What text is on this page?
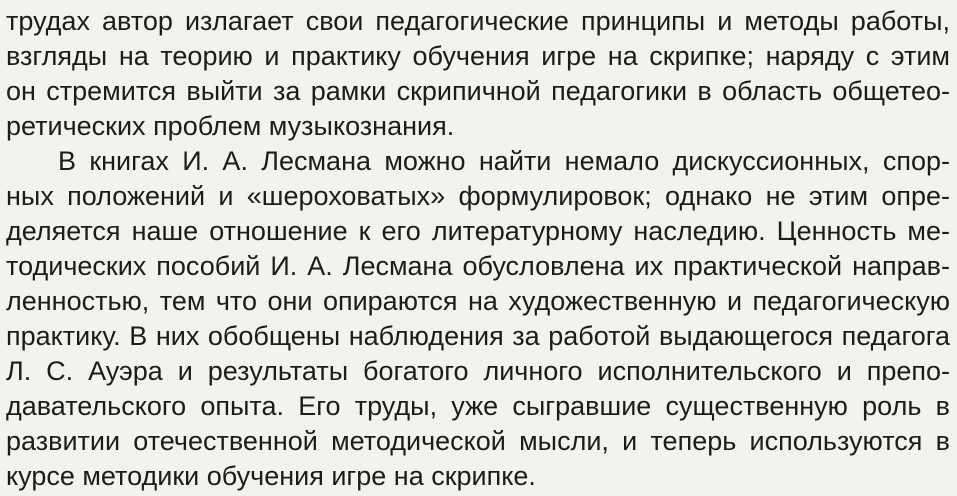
трудах автор излагает свои педагогические принципы и методы работы,
взгляды на теорию и практику обучения игре на скрипке; наряду с этим
он стремится выйти за рамки скрипичной педагогики в область общетео-
ретических проблем музыкознания.
В книгах И. А. Лесмана можно найти немало дискуссионных, спор-
ных положений и «шероховатых» формулировок; однако не этим опре-
деляется наше отношение к его литературному наследию. Ценность ме-
тодических пособий И. А. Лесмана обусловлена их практической направ-
ленностью, тем что они опираются на художественную и педагогическую
практику. В них обобщены наблюдения за работой выдающегося педагога
Л. С. Ауэра и результаты богатого личного исполнительского и препо-
давательского опыта. Его труды, уже сыгравшие существенную роль в
развитии отечественной методической мысли, и теперь используются в
курсе методики обучения игре на скрипке.
